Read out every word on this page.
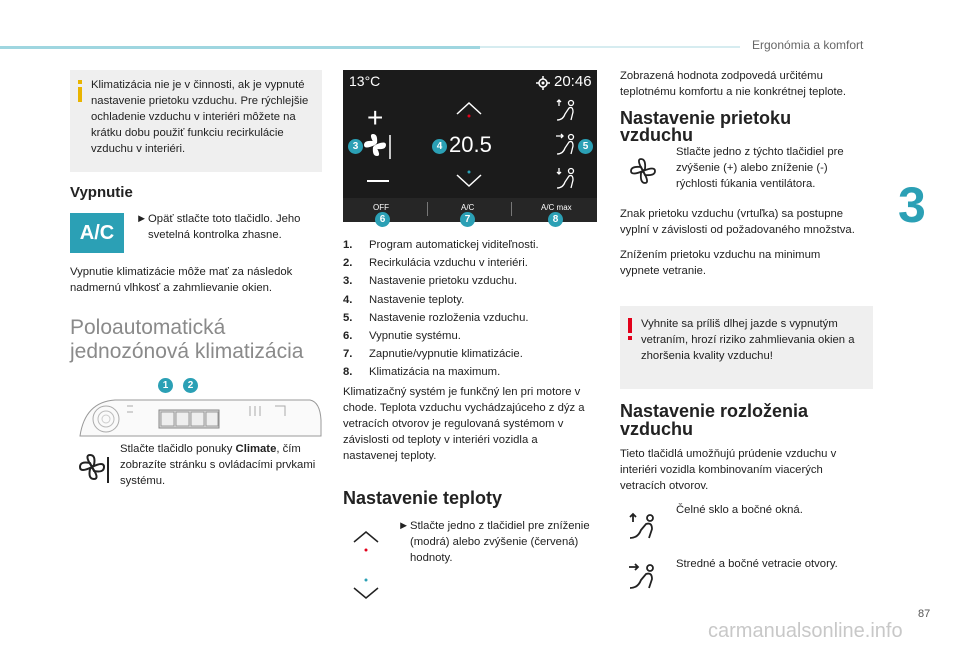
Ergonómia a komfort
3
87
Klimatizácia nie je v činnosti, ak je vypnuté nastavenie prietoku vzduchu. Pre rýchlejšie ochladenie vzduchu v interiéri môžete na krátku dobu použiť funkciu recirkulácie vzduchu v interiéri.
Vypnutie
A/C
► Opäť stlačte toto tlačidlo. Jeho svetelná kontrolka zhasne.
Vypnutie klimatizácie môže mať za následok nadmernú vlhkosť a zahmlievanie okien.
Poloautomatická
jednozónová klimatizácia
1	2
Stlačte tlačidlo ponuky Climate, čím zobrazíte stránku s ovládacími prvkami systému.
13°C	20:46
+
20.5
OFF	A/C	A/C max
3	4	5
6	7	8
1. Program automatickej viditeľnosti.
2. Recirkulácia vzduchu v interiéri.
3. Nastavenie prietoku vzduchu.
4. Nastavenie teploty.
5. Nastavenie rozloženia vzduchu.
6. Vypnutie systému.
7. Zapnutie/vypnutie klimatizácie.
8. Klimatizácia na maximum.
Klimatizačný systém je funkčný len pri motore v chode. Teplota vzduchu vychádzajúceho z dýz a vetracích otvorov je regulovaná systémom v závislosti od teploty v interiéri vozidla a nastavenej teploty.
Nastavenie teploty
► Stlačte jedno z tlačidiel pre zníženie (modrá) alebo zvýšenie (červená) hodnoty.
Zobrazená hodnota zodpovedá určitému teplotnému komfortu a nie konkrétnej teplote.
Nastavenie prietoku
vzduchu
Stlačte jedno z týchto tlačidiel pre zvýšenie (+) alebo zníženie (-) rýchlosti fúkania ventilátora.
Znak prietoku vzduchu (vrtuľka) sa postupne vyplní v závislosti od požadovaného množstva.
Znížením prietoku vzduchu na minimum vypnete vetranie.
Vyhnite sa príliš dlhej jazde s vypnutým vetraním, hrozí riziko zahmlievania okien a zhoršenia kvality vzduchu!
Nastavenie rozloženia
vzduchu
Tieto tlačidlá umožňujú prúdenie vzduchu v interiéri vozidla kombinovaním viacerých vetracích otvorov.
Čelné sklo a bočné okná.
Stredné a bočné vetracie otvory.
carmanualsonline.info
